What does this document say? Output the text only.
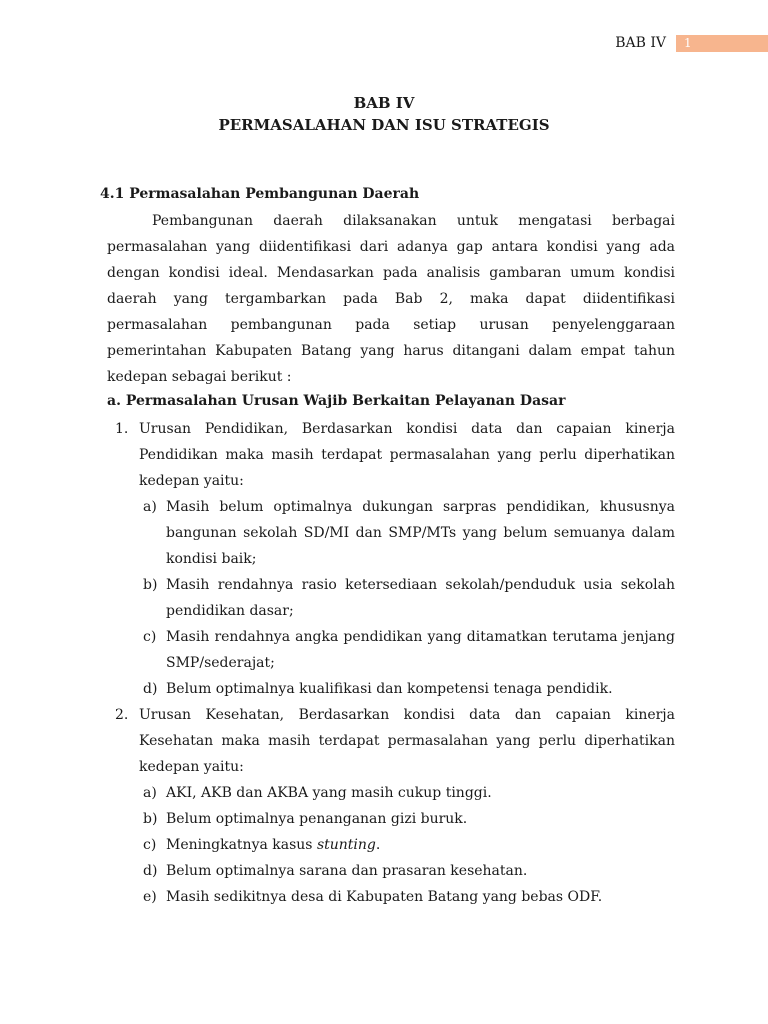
BAB IV	1
BAB IV
PERMASALAHAN DAN ISU STRATEGIS
4.1 Permasalahan Pembangunan Daerah
Pembangunan daerah dilaksanakan untuk mengatasi berbagai permasalahan yang diidentifikasi dari adanya gap antara kondisi yang ada dengan kondisi ideal. Mendasarkan pada analisis gambaran umum kondisi daerah yang tergambarkan pada Bab 2, maka dapat diidentifikasi permasalahan pembangunan pada setiap urusan penyelenggaraan pemerintahan Kabupaten Batang yang harus ditangani dalam empat tahun kedepan sebagai berikut :
a. Permasalahan Urusan Wajib Berkaitan Pelayanan Dasar
1. Urusan Pendidikan, Berdasarkan kondisi data dan capaian kinerja Pendidikan maka masih terdapat permasalahan yang perlu diperhatikan kedepan yaitu:
a) Masih belum optimalnya dukungan sarpras pendidikan, khususnya bangunan sekolah SD/MI dan SMP/MTs yang belum semuanya dalam kondisi baik;
b) Masih rendahnya rasio ketersediaan sekolah/penduduk usia sekolah pendidikan dasar;
c) Masih rendahnya angka pendidikan yang ditamatkan terutama jenjang SMP/sederajat;
d) Belum optimalnya kualifikasi dan kompetensi tenaga pendidik.
2. Urusan Kesehatan, Berdasarkan kondisi data dan capaian kinerja Kesehatan maka masih terdapat permasalahan yang perlu diperhatikan kedepan yaitu:
a) AKI, AKB dan AKBA yang masih cukup tinggi.
b) Belum optimalnya penanganan gizi buruk.
c) Meningkatnya kasus stunting.
d) Belum optimalnya sarana dan prasaran kesehatan.
e) Masih sedikitnya desa di Kabupaten Batang yang bebas ODF.
